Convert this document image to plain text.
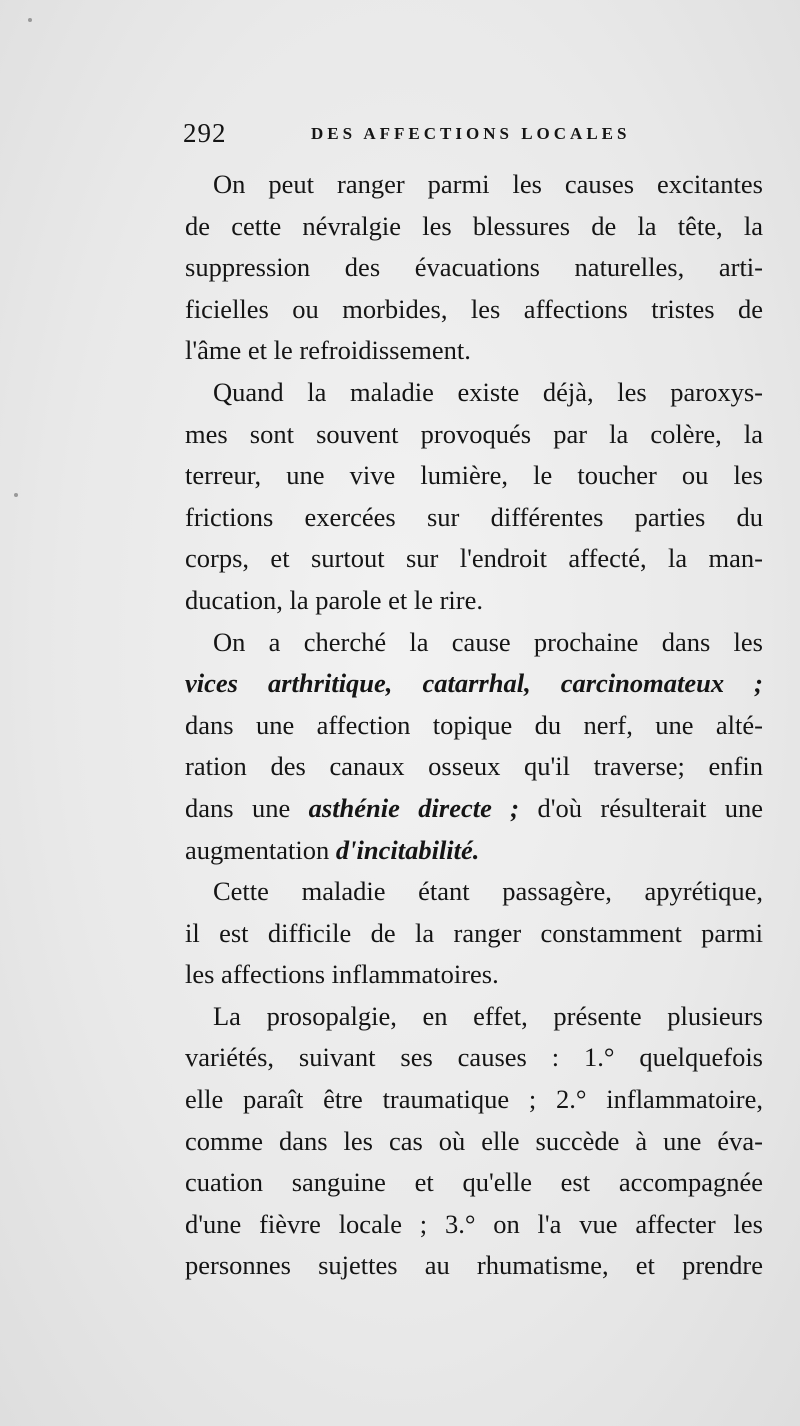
292	DES AFFECTIONS LOCALES
On peut ranger parmi les causes excitantes
de cette névralgie les blessures de la tête, la
suppression des évacuations naturelles, arti-
ficielles ou morbides, les affections tristes de
l'âme et le refroidissement.
Quand la maladie existe déjà, les paroxys-
mes sont souvent provoqués par la colère, la
terreur, une vive lumière, le toucher ou les
frictions exercées sur différentes parties du
corps, et surtout sur l'endroit affecté, la man-
ducation, la parole et le rire.
On a cherché la cause prochaine dans les
vices arthritique, catarrhal, carcinomateux ;
dans une affection topique du nerf, une alté-
ration des canaux osseux qu'il traverse; enfin
dans une asthénie directe ; d'où résulterait une
augmentation d'incitabilité.
Cette maladie étant passagère, apyrétique,
il est difficile de la ranger constamment parmi
les affections inflammatoires.
La prosopalgie, en effet, présente plusieurs
variétés, suivant ses causes : 1.° quelquefois
elle paraît être traumatique ; 2.° inflammatoire,
comme dans les cas où elle succède à une éva-
cuation sanguine et qu'elle est accompagnée
d'une fièvre locale ; 3.° on l'a vue affecter les
personnes sujettes au rhumatisme, et prendre
